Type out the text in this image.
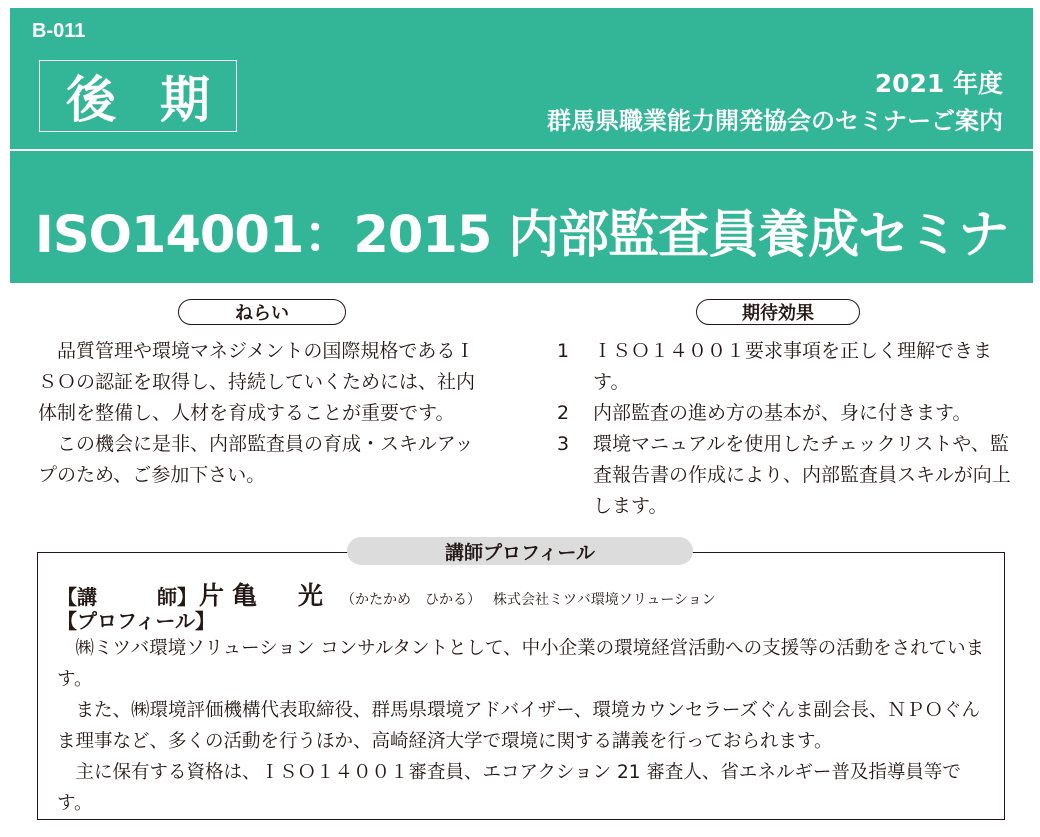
B-011
後期	2021 年度
群馬県職業能力開発協会のセミナーご案内
ISO14001：2015 内部監査員養成セミナー
ねらい

品質管理や環境マネジメントの国際規格であるＩＳＯの認証を取得し、持続していくためには、社内体制を整備し、人材を育成することが重要です。

この機会に是非、内部監査員の育成・スキルアップのため、ご参加下さい。

期待効果
1	ＩＳＯ１４００１要求事項を正しく理解できます。
2	内部監査の進め方の基本が、身に付きます。
3	環境マニュアルを使用したチェックリストや、監査報告書の作成により、内部監査員スキルが向上します。
講師プロフィール
【講　　　師】 片亀　光 （かたかめ　ひかる） 株式会社ミツバ環境ソリューション
【プロフィール】

㈱ミツバ環境ソリューション コンサルタントとして、中小企業の環境経営活動への支援等の活動をされています。

また、㈱環境評価機構代表取締役、群馬県環境アドバイザー、環境カウンセラーズぐんま副会長、ＮＰＯぐんま理事など、多くの活動を行うほか、高崎経済大学で環境に関する講義を行っておられます。

主に保有する資格は、ＩＳＯ１４００１審査員、エコアクション 21 審査人、省エネルギー普及指導員等です。
